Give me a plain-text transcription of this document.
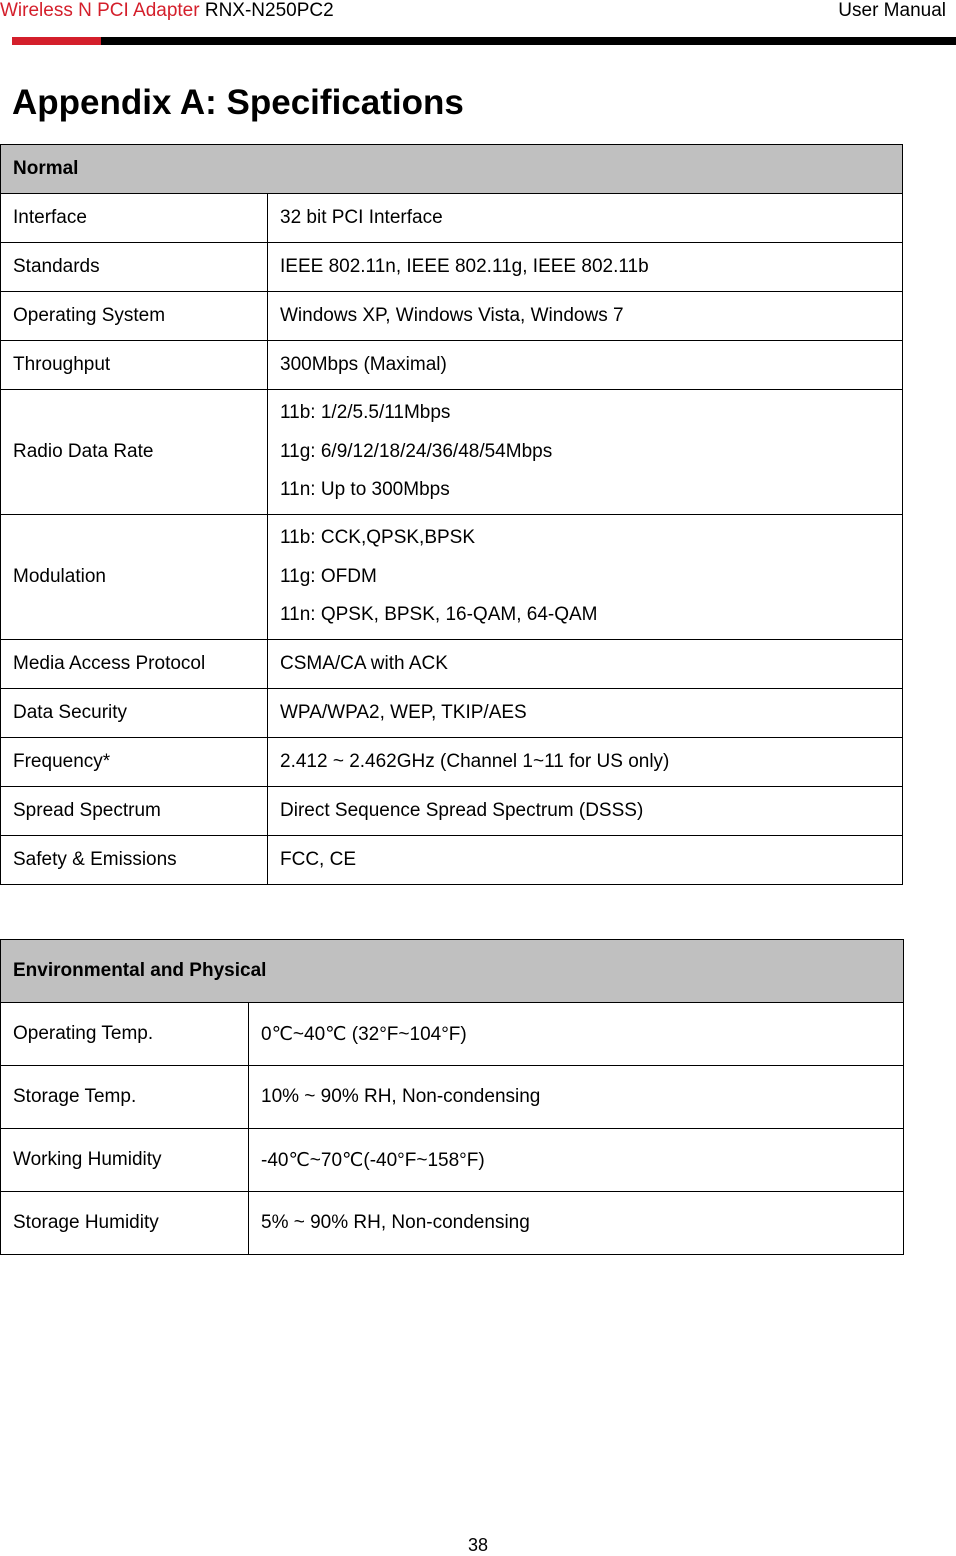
Wireless N PCI Adapter RNX-N250PC2	User Manual
Appendix A: Specifications
Normal	
Interface	32 bit PCI Interface
Standards	IEEE 802.11n, IEEE 802.11g, IEEE 802.11b
Operating System	Windows XP, Windows Vista, Windows 7
Throughput	300Mbps (Maximal)
Radio Data Rate	11b: 1/2/5.5/11Mbps
11g: 6/9/12/18/24/36/48/54Mbps
11n: Up to 300Mbps

Modulation	11b: CCK,QPSK,BPSK
11g: OFDM
11n: QPSK, BPSK, 16-QAM, 64-QAM

Media Access Protocol	CSMA/CA with ACK
Data Security	WPA/WPA2, WEP, TKIP/AES
Frequency*	2.412 ~ 2.462GHz (Channel 1~11 for US only)
Spread Spectrum	Direct Sequence Spread Spectrum (DSSS)
Safety & Emissions	FCC, CE
Environmental and Physical	
Operating Temp.	0℃~40℃ (32°F~104°F)
Storage Temp.	10% ~ 90% RH, Non-condensing
Working Humidity	-40℃~70℃(-40°F~158°F)
Storage Humidity	5% ~ 90% RH, Non-condensing
38
